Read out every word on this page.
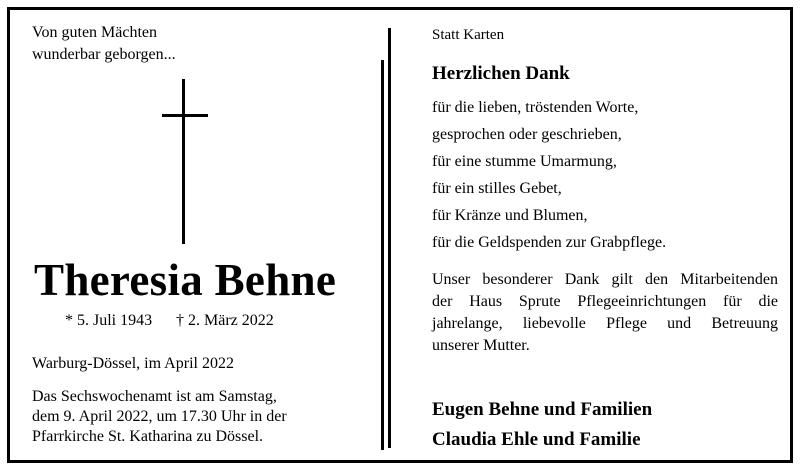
Von guten Mächten
wunderbar geborgen...
Theresia Behne
* 5. Juli 1943 † 2. März 2022
Warburg-Dössel, im April 2022
Das Sechswochenamt ist am Samstag,
dem 9. April 2022, um 17.30 Uhr in der
Pfarrkirche St. Katharina zu Dössel.
Statt Karten
Herzlichen Dank
für die lieben, tröstenden Worte,
gesprochen oder geschrieben,
für eine stumme Umarmung,
für ein stilles Gebet,
für Kränze und Blumen,
für die Geldspenden zur Grabpflege.
Unser besonderer Dank gilt den Mitarbeitenden
der Haus Sprute Pflegeeinrichtungen für die
jahrelange, liebevolle Pflege und Betreuung
unserer Mutter.
Eugen Behne und Familien
Claudia Ehle und Familie
